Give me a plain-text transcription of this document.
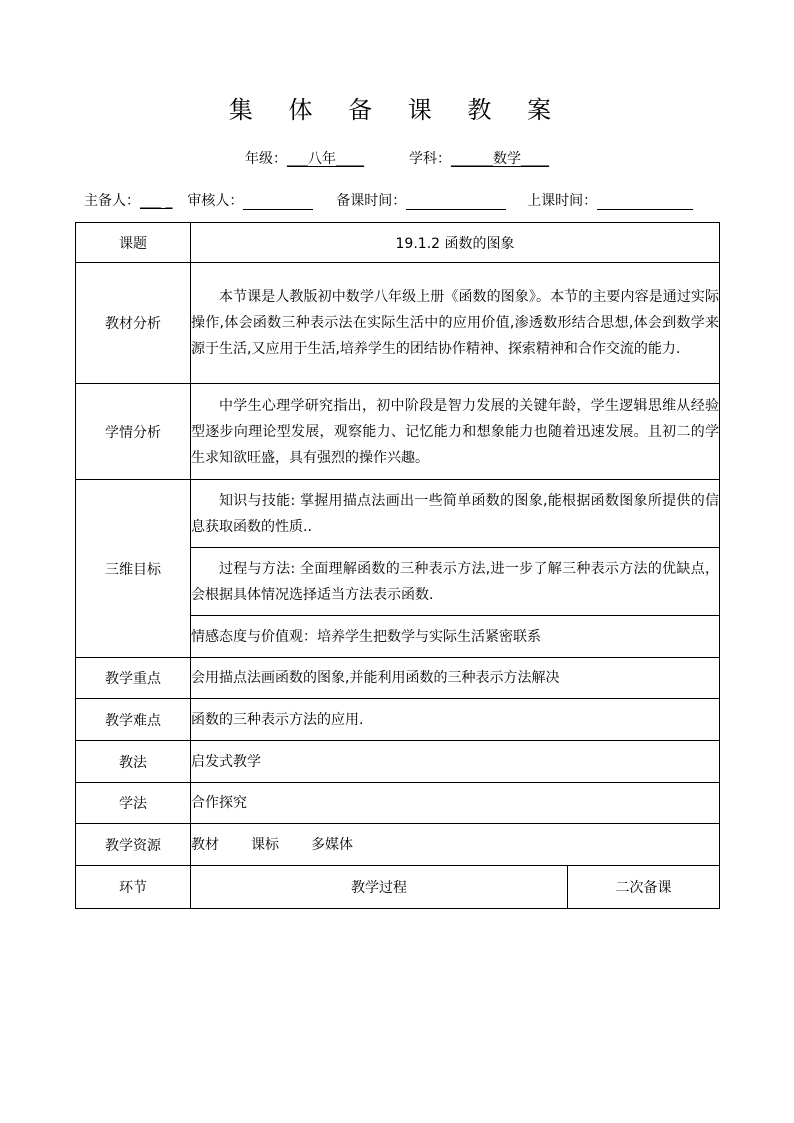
集 体 备 课 教 案
年级：___八年____	学科：______数学____
主备人：___ _ 审核人：	备课时间：	上课时间：
课题	19.1.2 函数的图象	
教材分析	本节课是人教版初中数学八年级上册《函数的图象》。本节的主要内容是通过实际操作,体会函数三种表示法在实际生活中的应用价值,渗透数形结合思想,体会到数学来源于生活,又应用于生活,培养学生的团结协作精神、探索精神和合作交流的能力.	
学情分析	中学生心理学研究指出，初中阶段是智力发展的关键年龄，学生逻辑思维从经验型逐步向理论型发展，观察能力、记忆能力和想象能力也随着迅速发展。且初二的学生求知欲旺盛，具有强烈的操作兴趣。	
三维目标	知识与技能: 掌握用描点法画出一些简单函数的图象,能根据函数图象所提供的信息获取函数的性质..	
	过程与方法: 全面理解函数的三种表示方法,进一步了解三种表示方法的优缺点，会根据具体情况选择适当方法表示函数.	
	情感态度与价值观：培养学生把数学与实际生活紧密联系	
教学重点	会用描点法画函数的图象,并能利用函数的三种表示方法解决	
教学难点	函数的三种表示方法的应用.	
教法	启发式教学	
学法	合作探究	
教学资源	教材 课标 多媒体	
环节	教学过程	二次备课
